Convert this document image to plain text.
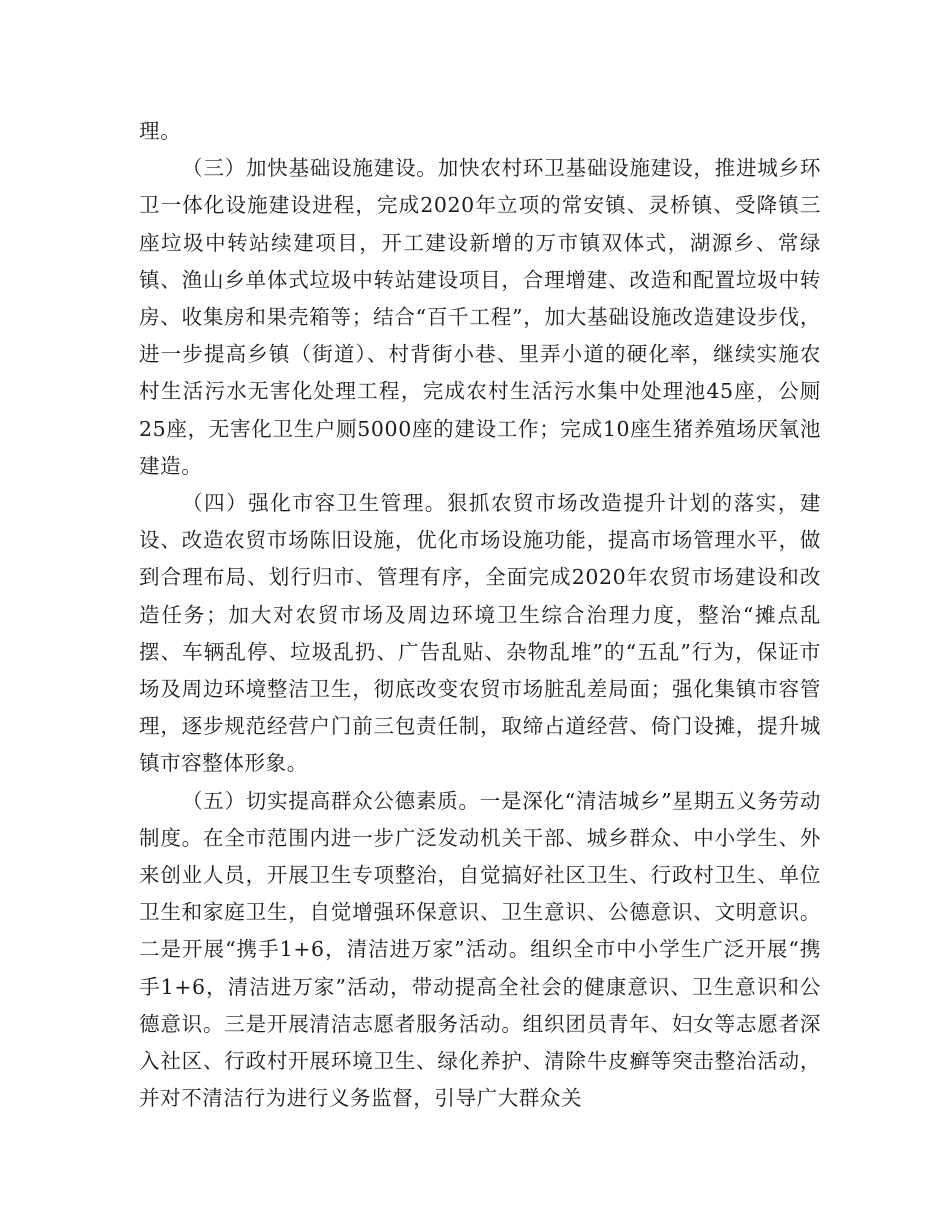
理。

（三）加快基础设施建设。加快农村环卫基础设施建设，推进城乡环卫一体化设施建设进程，完成2020年立项的常安镇、灵桥镇、受降镇三座垃圾中转站续建项目，开工建设新增的万市镇双体式，湖源乡、常绿镇、渔山乡单体式垃圾中转站建设项目，合理增建、改造和配置垃圾中转房、收集房和果壳箱等；结合“百千工程”，加大基础设施改造建设步伐，进一步提高乡镇（街道）、村背街小巷、里弄小道的硬化率，继续实施农村生活污水无害化处理工程，完成农村生活污水集中处理池45座，公厕25座，无害化卫生户厕5000座的建设工作；完成10座生猪养殖场厌氧池建造。

（四）强化市容卫生管理。狠抓农贸市场改造提升计划的落实，建设、改造农贸市场陈旧设施，优化市场设施功能，提高市场管理水平，做到合理布局、划行归市、管理有序，全面完成2020年农贸市场建设和改造任务；加大对农贸市场及周边环境卫生综合治理力度，整治“摊点乱摆、车辆乱停、垃圾乱扔、广告乱贴、杂物乱堆”的“五乱”行为，保证市场及周边环境整洁卫生，彻底改变农贸市场脏乱差局面；强化集镇市容管理，逐步规范经营户门前三包责任制，取缔占道经营、倚门设摊，提升城镇市容整体形象。

（五）切实提高群众公德素质。一是深化“清洁城乡”星期五义务劳动制度。在全市范围内进一步广泛发动机关干部、城乡群众、中小学生、外来创业人员，开展卫生专项整治，自觉搞好社区卫生、行政村卫生、单位卫生和家庭卫生，自觉增强环保意识、卫生意识、公德意识、文明意识。二是开展“携手1+6，清洁进万家”活动。组织全市中小学生广泛开展“携手1+6，清洁进万家”活动，带动提高全社会的健康意识、卫生意识和公德意识。三是开展清洁志愿者服务活动。组织团员青年、妇女等志愿者深入社区、行政村开展环境卫生、绿化养护、清除牛皮癣等突击整治活动，并对不清洁行为进行义务监督，引导广大群众关
